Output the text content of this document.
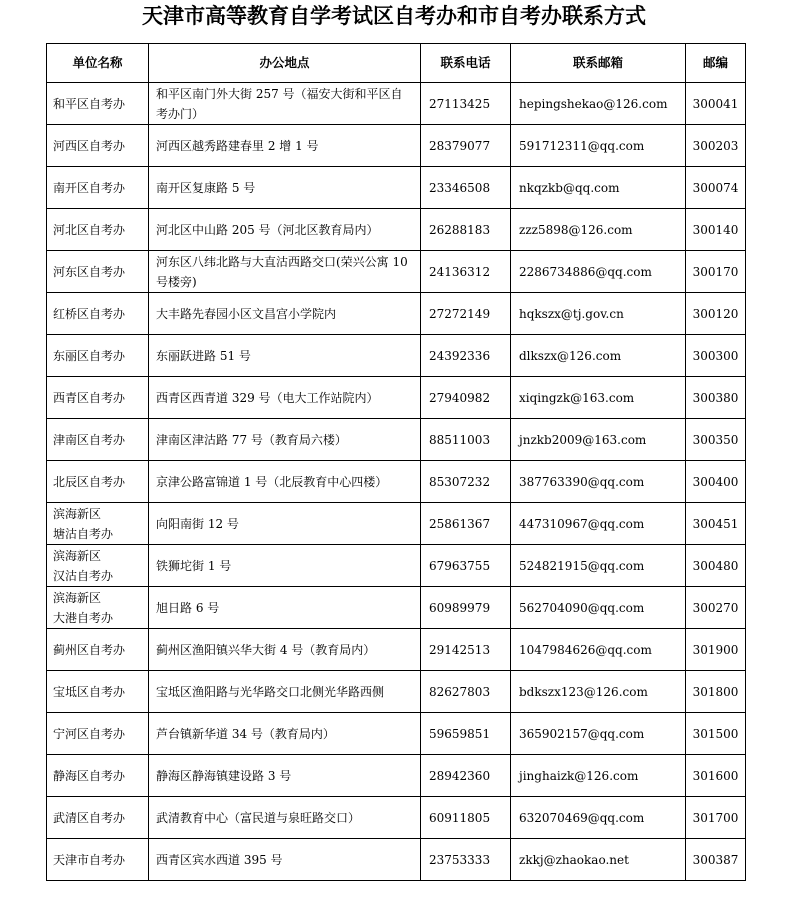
天津市高等教育自学考试区自考办和市自考办联系方式
单位名称	办公地点	联系电话	联系邮箱	邮编
和平区自考办	和平区南门外大街 257 号（福安大街和平区自考办门）	27113425	hepingshekao@126.com	300041
河西区自考办	河西区越秀路建春里 2 增 1 号	28379077	591712311@qq.com	300203
南开区自考办	南开区复康路 5 号	23346508	nkqzkb@qq.com	300074
河北区自考办	河北区中山路 205 号（河北区教育局内）	26288183	zzz5898@126.com	300140
河东区自考办	河东区八纬北路与大直沽西路交口(荣兴公寓 10 号楼旁)	24136312	2286734886@qq.com	300170
红桥区自考办	大丰路先春园小区文昌宫小学院内	27272149	hqkszx@tj.gov.cn	300120
东丽区自考办	东丽跃进路 51 号	24392336	dlkszx@126.com	300300
西青区自考办	西青区西青道 329 号（电大工作站院内）	27940982	xiqingzk@163.com	300380
津南区自考办	津南区津沽路 77 号（教育局六楼）	88511003	jnzkb2009@163.com	300350
北辰区自考办	京津公路富锦道 1 号（北辰教育中心四楼）	85307232	387763390@qq.com	300400
滨海新区
塘沽自考办	向阳南街 12 号	25861367	447310967@qq.com	300451
滨海新区
汉沽自考办	铁狮坨街 1 号	67963755	524821915@qq.com	300480
滨海新区
大港自考办	旭日路 6 号	60989979	562704090@qq.com	300270
蓟州区自考办	蓟州区渔阳镇兴华大街 4 号（教育局内）	29142513	1047984626@qq.com	301900
宝坻区自考办	宝坻区渔阳路与光华路交口北侧光华路西侧	82627803	bdkszx123@126.com	301800
宁河区自考办	芦台镇新华道 34 号（教育局内）	59659851	365902157@qq.com	301500
静海区自考办	静海区静海镇建设路 3 号	28942360	jinghaizk@126.com	301600
武清区自考办	武清教育中心（富民道与泉旺路交口）	60911805	632070469@qq.com	301700
天津市自考办	西青区宾水西道 395 号	23753333	zkkj@zhaokao.net	300387
